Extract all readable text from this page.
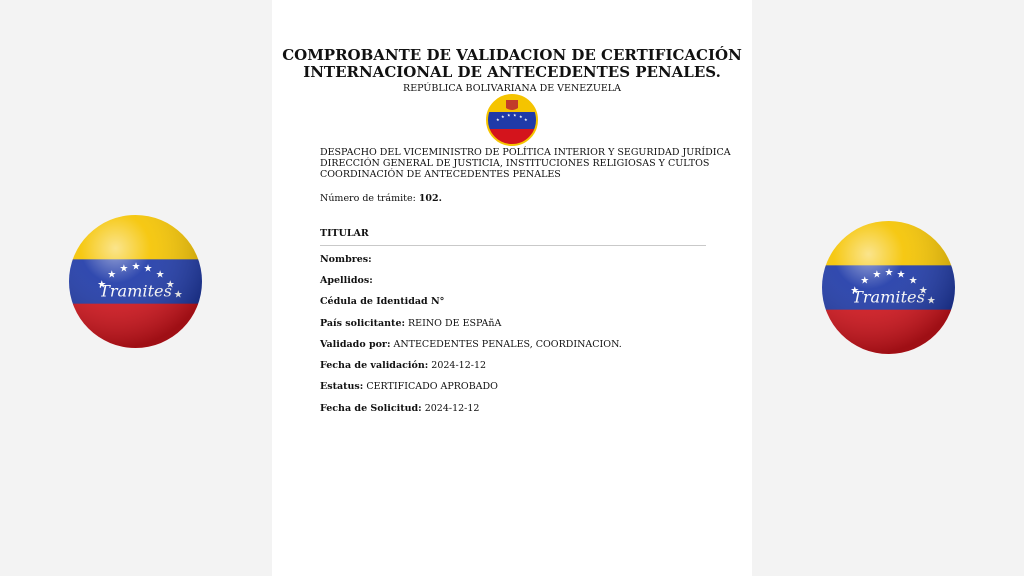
COMPROBANTE DE VALIDACION DE CERTIFICACIÓN
INTERNACIONAL DE ANTECEDENTES PENALES.
REPÚBLICA BOLIVARIANA DE VENEZUELA
★
★ ★ ★ ★
★
DESPACHO DEL VICEMINISTRO DE POLÍTICA INTERIOR Y SEGURIDAD JURÍDICA
DIRECCIÓN GENERAL DE JUSTICIA, INSTITUCIONES RELIGIOSAS Y CULTOS
COORDINACIÓN DE ANTECEDENTES PENALES
Número de trámite: 102.
TITULAR
Nombres:
Apellidos:
Cédula de Identidad N°
País solicitante: REINO DE ESPAñA
Validado por: ANTECEDENTES PENALES, COORDINACION.
Fecha de validación: 2024-12-12
Estatus: CERTIFICADO APROBADO
Fecha de Solicitud: 2024-12-12
